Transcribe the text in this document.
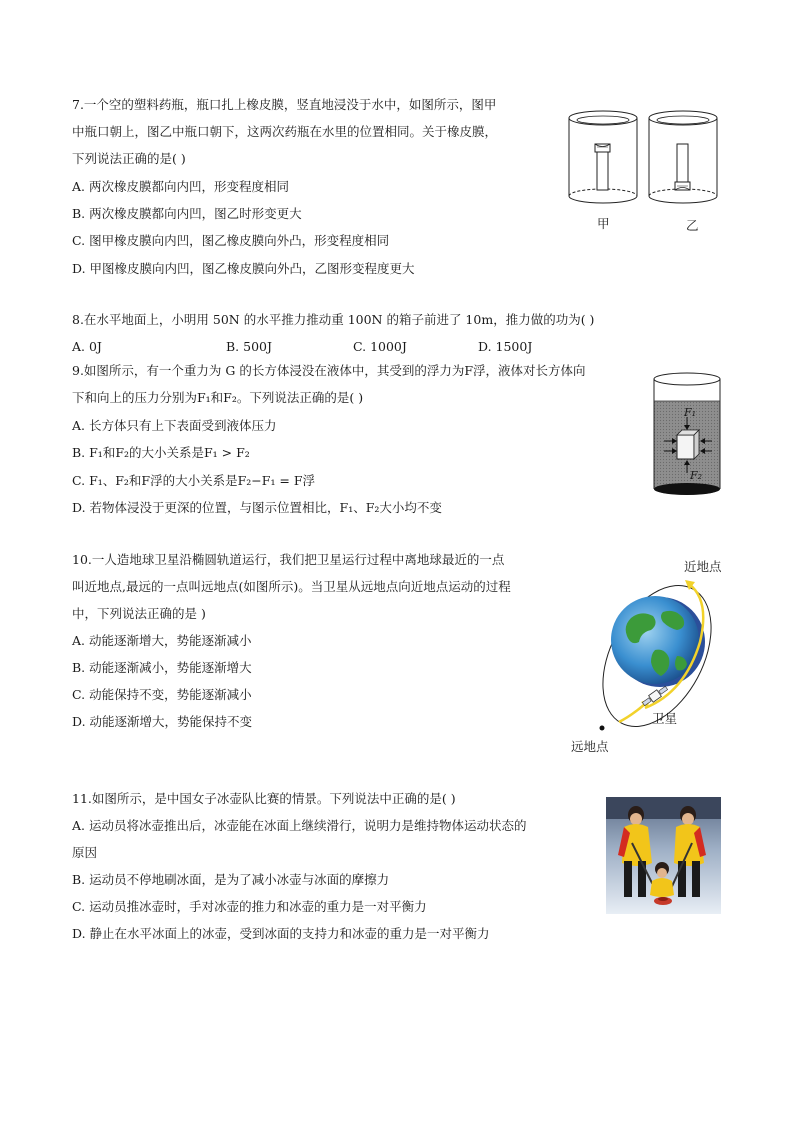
7.一个空的塑料药瓶，瓶口扎上橡皮膜，竖直地浸没于水中，如图所示，图甲
中瓶口朝上，图乙中瓶口朝下，这两次药瓶在水里的位置相同。关于橡皮膜，
下列说法正确的是( )
A. 两次橡皮膜都向内凹，形变程度相同
B. 两次橡皮膜都向内凹，图乙时形变更大
C. 图甲橡皮膜向内凹，图乙橡皮膜向外凸，形变程度相同
D. 甲图橡皮膜向内凹，图乙橡皮膜向外凸，乙图形变程度更大
甲	乙
8.在水平地面上，小明用 50N 的水平推力推动重 100N 的箱子前进了 10m，推力做的功为( )
A. 0J	B. 500J	C. 1000J	D. 1500J
9.如图所示，有一个重力为 G 的长方体浸没在液体中，其受到的浮力为F浮，液体对长方体向
下和向上的压力分别为F₁和F₂。下列说法正确的是( )
A. 长方体只有上下表面受到液体压力
B. F₁和F₂的大小关系是F₁ > F₂
C. F₁、F₂和F浮的大小关系是F₂−F₁ = F浮
D. 若物体浸没于更深的位置，与图示位置相比，F₁、F₂大小均不变
F₁
F₂
10.一人造地球卫星沿椭圆轨道运行，我们把卫星运行过程中离地球最近的一点
叫近地点,最远的一点叫远地点(如图所示)。当卫星从远地点向近地点运动的过程
中，下列说法正确的是 )
A. 动能逐渐增大，势能逐渐减小
B. 动能逐渐减小，势能逐渐增大
C. 动能保持不变，势能逐渐减小
D. 动能逐渐增大，势能保持不变
近地点
卫星
远地点
11.如图所示，是中国女子冰壶队比赛的情景。下列说法中正确的是( )
A. 运动员将冰壶推出后，冰壶能在冰面上继续滑行，说明力是维持物体运动状态的
原因
B. 运动员不停地刷冰面，是为了减小冰壶与冰面的摩擦力
C. 运动员推冰壶时，手对冰壶的推力和冰壶的重力是一对平衡力
D. 静止在水平冰面上的冰壶，受到冰面的支持力和冰壶的重力是一对平衡力
